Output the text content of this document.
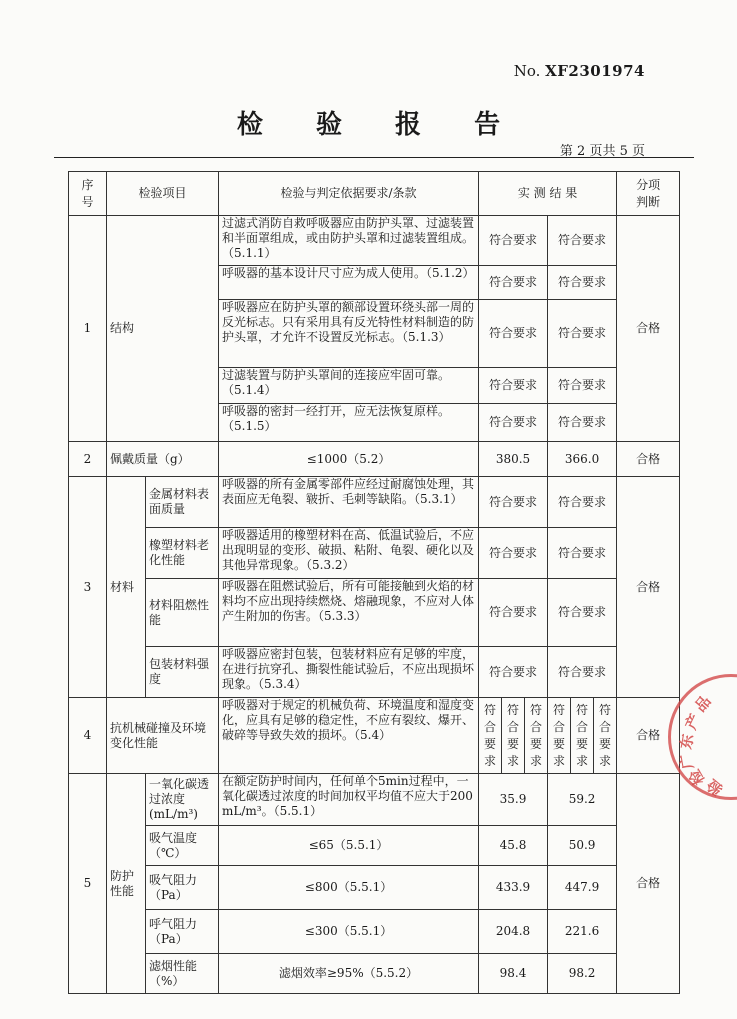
No. XF2301974
检 验 报 告
第 2 页共 5 页
序
号	检验项目		检验与判定依据要求/条款	实 测 结 果						分项
判断

1	结构		过滤式消防自救呼吸器应由防护头罩、过滤装置和半面罩组成，或由防护头罩和过滤装置组成。（5.1.1）	符合要求			符合要求			合格
			呼吸器的基本设计尺寸应为成人使用。（5.1.2）	符合要求			符合要求			
			呼吸器应在防护头罩的额部设置环绕头部一周的反光标志。只有采用具有反光特性材料制造的防护头罩，才允许不设置反光标志。（5.1.3）	符合要求			符合要求			
			过滤装置与防护头罩间的连接应牢固可靠。（5.1.4）	符合要求			符合要求			
			呼吸器的密封一经打开，应无法恢复原样。（5.1.5）	符合要求			符合要求			
2	佩戴质量（g）		≤1000（5.2）	380.5			366.0			合格
3	材料	金属材料表面质量	呼吸器的所有金属零部件应经过耐腐蚀处理，其表面应无龟裂、皲折、毛刺等缺陷。（5.3.1）	符合要求			符合要求			合格
		橡塑材料老化性能	呼吸器适用的橡塑材料在高、低温试验后，不应出现明显的变形、破损、粘附、龟裂、硬化以及其他异常现象。（5.3.2）	符合要求			符合要求			
		材料阻燃性能	呼吸器在阻燃试验后，所有可能接触到火焰的材料均不应出现持续燃烧、熔融现象，不应对人体产生附加的伤害。（5.3.3）	符合要求			符合要求			
		包装材料强度	呼吸器应密封包装，包装材料应有足够的牢度，在进行抗穿孔、撕裂性能试验后，不应出现损坏现象。（5.3.4）	符合要求			符合要求			
4	抗机械碰撞及环境变化性能		呼吸器对于规定的机械负荷、环境温度和湿度变化，应具有足够的稳定性，不应有裂纹、爆开、破碎等导致失效的损坏。（5.4）	符
合
要
求	符
合
要
求	符
合
要
求	符
合
要
求	符
合
要
求	符
合
要
求	合格
5	防护性能	一氧化碳透过浓度(mL/m³)	在额定防护时间内，任何单个5min过程中，一氧化碳透过浓度的时间加权平均值不应大于200 mL/m³。（5.5.1）	35.9			59.2			合格
		吸气温度（℃）	≤65（5.5.1）	45.8			50.9			
		吸气阻力（Pa）	≤800（5.5.1）	433.9			447.9			
		呼气阻力（Pa）	≤300（5.5.1）	204.8			221.6			
		滤烟性能（%）	滤烟效率≥95%（5.5.2）	98.4			98.2			
品
产
东
广
检
验
